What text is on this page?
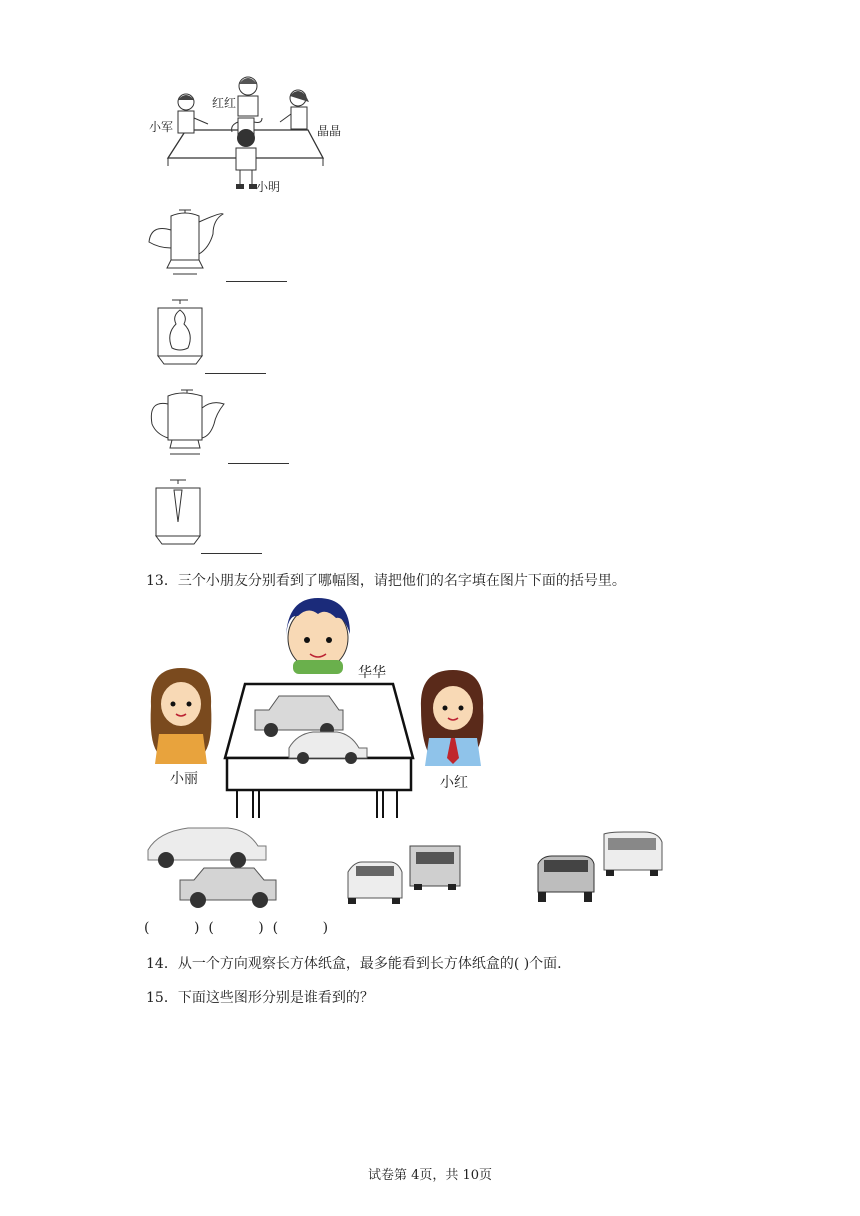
小军
红红
晶晶
小明
13．三个小朋友分别看到了哪幅图，请把他们的名字填在图片下面的括号里。
华华
小丽	小红
(          )  (          )  (          )
14．从一个方向观察长方体纸盒，最多能看到长方体纸盒的( )个面.
15．下面这些图形分别是谁看到的？
试卷第 4页，共 10页
